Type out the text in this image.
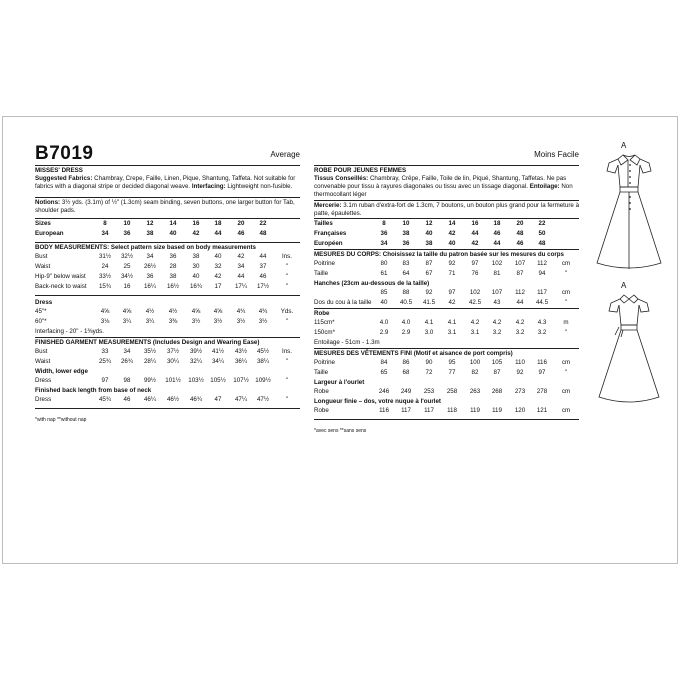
B7019	Average
MISSES' DRESS
Suggested Fabrics: Chambray, Crepe, Faille, Linen, Pique, Shantung, Taffeta. Not suitable for fabrics with a diagonal stripe or decided diagonal weave. Interfacing: Lightweight non-fusible.
Notions: 3½ yds. (3.1m) of ½" (1.3cm) seam binding, seven buttons, one larger button for Tab, shoulder pads.
Sizes	8	10	12	14	16	18	20	22
European	34	36	38	40	42	44	46	48
BODY MEASUREMENTS: Select pattern size based on body measurements
Bust	31½	32½	34	36	38	40	42	44	Ins.
Waist	24	25	26½	28	30	32	34	37	"
Hip-9" below waist	33½	34½	36	38	40	42	44	46	"
Back-neck to waist	15¾	16	16¼	16½	16¾	17	17¼	17½	"
Dress
45"*	4⅝	4⅝	4½	4½	4⅝	4⅝	4¾	4¾	Yds.
60"*	3⅛	3¼	3¼	3⅜	3½	3½	3½	3½	"
Interfacing - 20" - 1⅜yds.
FINISHED GARMENT MEASUREMENTS (Includes Design and Wearing Ease)
Bust	33	34	35½	37½	39½	41½	43½	45½	Ins.
Waist	25¾	26¾	28¼	30¼	32¼	34¼	36¼	38¼	"
Width, lower edge
Dress	97	98	99½	101½	103½	105½	107½	109½	"
Finished back length from base of neck
Dress	45¾	46	46¼	46½	46¾	47	47¼	47½	"
*with nap **without nap
Moins Facile
ROBE POUR JEUNES FEMMES
Tissus Conseillés: Chambray, Crêpe, Faille, Toile de lin, Piqué, Shantung, Taffetas. Ne pas convenable pour tissu à rayures diagonales ou tissu avec un tissage diagonal. Entoilage: Non thermocollant léger
Mercerie: 3.1m ruban d'extra-fort de 1.3cm, 7 boutons, un bouton plus grand pour la fermeture à patte, épaulettes.
Tailles	8	10	12	14	16	18	20	22
Françaises	36	38	40	42	44	46	48	50
Européen	34	36	38	40	42	44	46	48
MESURES DU CORPS: Choisissez la taille du patron basée sur les mesures du corps
Poitrine	80	83	87	92	97	102	107	112	cm
Taille	61	64	67	71	76	81	87	94	"
Hanches (23cm au-dessous de la taille)
85	88	92	97	102	107	112	117	cm
Dos du cou à la taille	40	40.5	41.5	42	42.5	43	44	44.5	"
Robe
115cm*	4.0	4.0	4.1	4.1	4.2	4.2	4.2	4.3	m
150cm*	2.9	2.9	3.0	3.1	3.1	3.2	3.2	3.2	"
Entoilage - 51cm - 1.3m
MESURES DES VÊTEMENTS FINI (Motif et aisance de port compris)
Poitrine	84	86	90	95	100	105	110	116	cm
Taille	65	68	72	77	82	87	92	97	"
Largeur à l'ourlet
Robe	246	249	253	258	263	268	273	278	cm
Longueur finie – dos, votre nuque à l'ourlet
Robe	116	117	117	118	119	119	120	121	cm
*avec sens **sans sens
A
A
